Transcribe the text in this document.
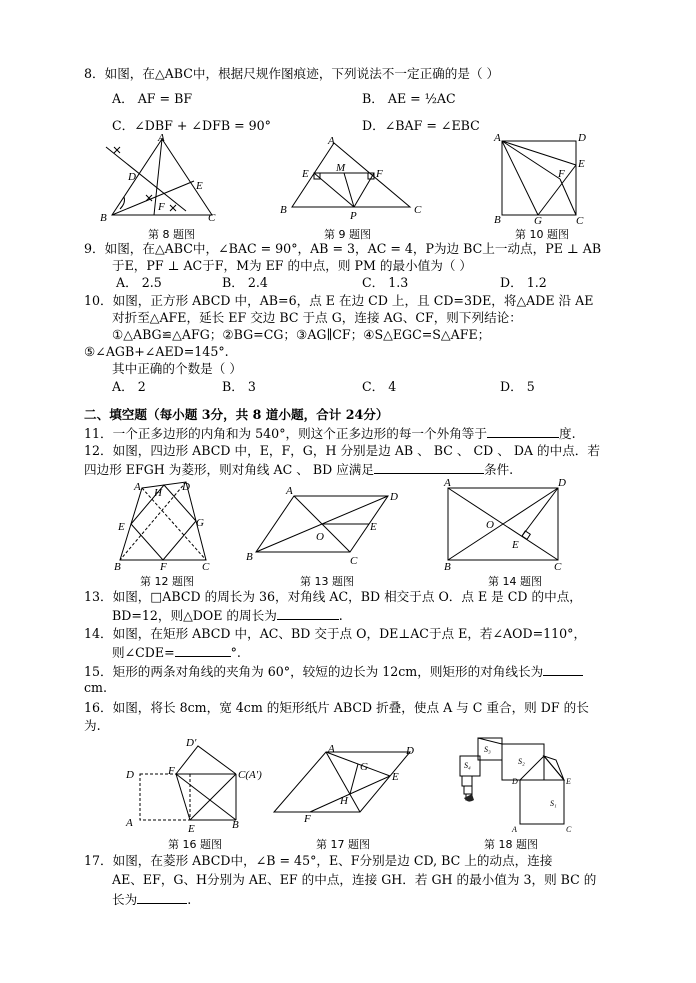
8．如图，在△ABC中，根据尺规作图痕迹，下列说法不一定正确的是（ ）
A． AF = BF	B． AE = ½AC
C．∠DBF + ∠DFB = 90°	D．∠BAF = ∠EBC
A
D
E
F
B	C
第 8 题图
A
E M	F
B	P	C
第 9 题图
A	D
E
F
B	G	C
第 10 题图
9．如图，在△ABC中，∠BAC = 90°，AB = 3，AC = 4，P为边 BC上一动点，PE ⊥ AB
于E，PF ⊥ AC于F，M为 EF 的中点，则 PM 的最小值为（ ）
A． 2.5	B． 2.4	C． 1.3	D． 1.2
10．如图，正方形 ABCD 中，AB=6，点 E 在边 CD 上，且 CD=3DE，将△ADE 沿 AE
对折至△AFE，延长 EF 交边 BC 于点 G，连接 AG、CF，则下列结论：
①△ABG≌△AFG；②BG=CG；③AG∥CF；④S△EGC=S△AFE；
⑤∠AGB+∠AED=145°.
其中正确的个数是（ ）
A． 2	B． 3	C． 4	D． 5
二、填空题（每小题 3分，共 8 道小题，合计 24分）
11．一个正多边形的内角和为 540°，则这个正多边形的每一个外角等于	度.
12．如图，四边形 ABCD 中，E，F，G，H 分别是边 AB 、 BC 、 CD 、 DA 的中点．若
四边形 EFGH 为菱形，则对角线 AC 、 BD 应满足	条件.
H
A	D
E	G
B	F	C
第 12 题图
A	D
O
E
B	C
第 13 题图
A	D
O
E
B	C
第 14 题图
13．如图，□ABCD 的周长为 36，对角线 AC，BD 相交于点 O．点 E 是 CD 的中点，
BD=12，则△DOE 的周长为	.
14．如图，在矩形 ABCD 中，AC、BD 交于点 O，DE⊥AC于点 E，若∠AOD=110°，
则∠CDE=	°.
15．矩形的两条对角线的夹角为 60°，较短的边长为 12cm，则矩形的对角线长为
cm.
16．如图，将长 8cm，宽 4cm 的矩形纸片 ABCD 折叠，使点 A 与 C 重合，则 DF 的长
为.
D′
F	C(A′)
D
A	E	B
第 16 题图
A
G
E
H
F
D
第 17 题图
S₁
S₂
S₃
S₄
A	C
D	E
第 18 题图
17．如图，在菱形 ABCD中，∠B = 45°，E、F分别是边 CD, BC 上的动点，连接
AE、EF，G、H分别为 AE、EF 的中点，连接 GH．若 GH 的最小值为 3，则 BC 的
长为	.
